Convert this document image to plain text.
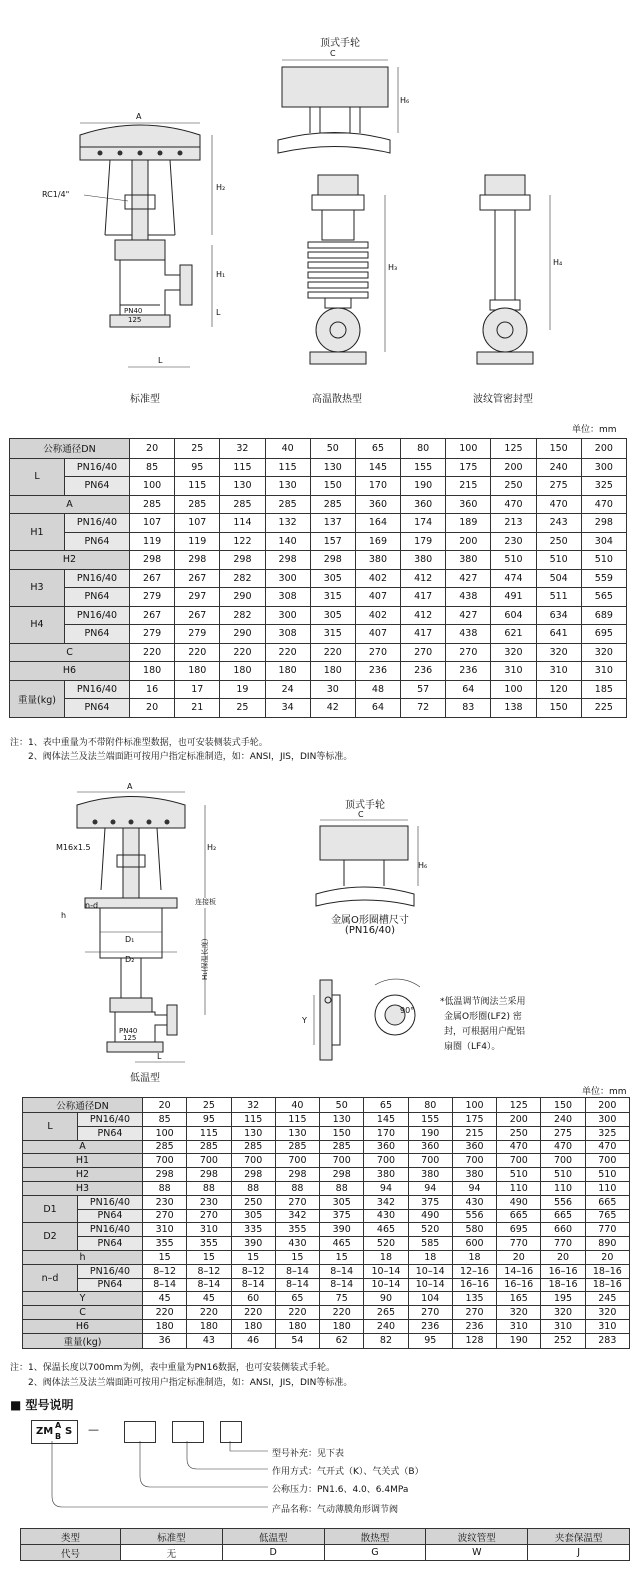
A
H₂
H₁
L
L
RC1/4"
PN40
125
标准型
顶式手轮
C
H₆
H₃
高温散热型
H₄
波纹管密封型
单位：mm
公称通径DN		20	25	32	40	50	65	80	100	125	150	200
L	PN16/40	85	95	115	115	130	145	155	175	200	240	300
	PN64	100	115	130	130	150	170	190	215	250	275	325
A		285	285	285	285	285	360	360	360	470	470	470
H1	PN16/40	107	107	114	132	137	164	174	189	213	243	298
	PN64	119	119	122	140	157	169	179	200	230	250	304
H2		298	298	298	298	298	380	380	380	510	510	510
H3	PN16/40	267	267	282	300	305	402	412	427	474	504	559
	PN64	279	297	290	308	315	407	417	438	491	511	565
H4	PN16/40	267	267	282	300	305	402	412	427	604	634	689
	PN64	279	279	290	308	315	407	417	438	621	641	695
C		220	220	220	220	220	270	270	270	320	320	320
H6		180	180	180	180	180	236	236	236	310	310	310
重量(kg)	PN16/40	16	17	19	24	30	48	57	64	100	120	185
	PN64	20	21	25	34	42	64	72	83	138	150	225
注：1、表中重量为不带附件标准型数据，也可安装侧装式手轮。
2、阀体法兰及法兰端面距可按用户指定标准制造，如：ANSI，JIS，DIN等标准。
A
H₂
H₁(保温长度)
D₁
D₂
M16x1.5
n-d
h
连接板
PN40
125
L
低温型
顶式手轮
C
H₆
金属O形圈槽尺寸
(PN16/40)
Y
90°
*低温调节阀法兰采用
金属O形圈(LF2) 密
封，可根据用户配铝
扇圈（LF4）。
单位：mm
公称通径DN		20	25	32	40	50	65	80	100	125	150	200
L	PN16/40	85	95	115	115	130	145	155	175	200	240	300
	PN64	100	115	130	130	150	170	190	215	250	275	325
A		285	285	285	285	285	360	360	360	470	470	470
H1		700	700	700	700	700	700	700	700	700	700	700
H2		298	298	298	298	298	380	380	380	510	510	510
H3		88	88	88	88	88	94	94	94	110	110	110
D1	PN16/40	230	230	250	270	305	342	375	430	490	556	665
	PN64	270	270	305	342	375	430	490	556	665	665	765
D2	PN16/40	310	310	335	355	390	465	520	580	695	660	770
	PN64	355	355	390	430	465	520	585	600	770	770	890
h		15	15	15	15	15	18	18	18	20	20	20
n–d	PN16/40	8–12	8–12	8–12	8–14	8–14	10–14	10–14	12–16	14–16	16–16	18–16
	PN64	8–14	8–14	8–14	8–14	8–14	10–14	10–14	16–16	16–16	18–16	18–16
Y		45	45	60	65	75	90	104	135	165	195	245
C		220	220	220	220	220	265	270	270	320	320	320
H6		180	180	180	180	180	240	236	236	310	310	310
重量(kg)		36	43	46	54	62	82	95	128	190	252	283
注：1、保温长度以700mm为例，表中重量为PN16数据，也可安装侧装式手轮。
2、阀体法兰及法兰端面距可按用户指定标准制造，如：ANSI，JIS，DIN等标准。
■ 型号说明
ZM
A
B S —
型号补充：见下表
作用方式：气开式（K）、气关式（B）
公称压力：PN1.6、4.0、6.4MPa
产品名称：气动薄膜角形调节阀
类型	标准型	低温型	散热型	波纹管型	夹套保温型
代号	无	D	G	W	J
